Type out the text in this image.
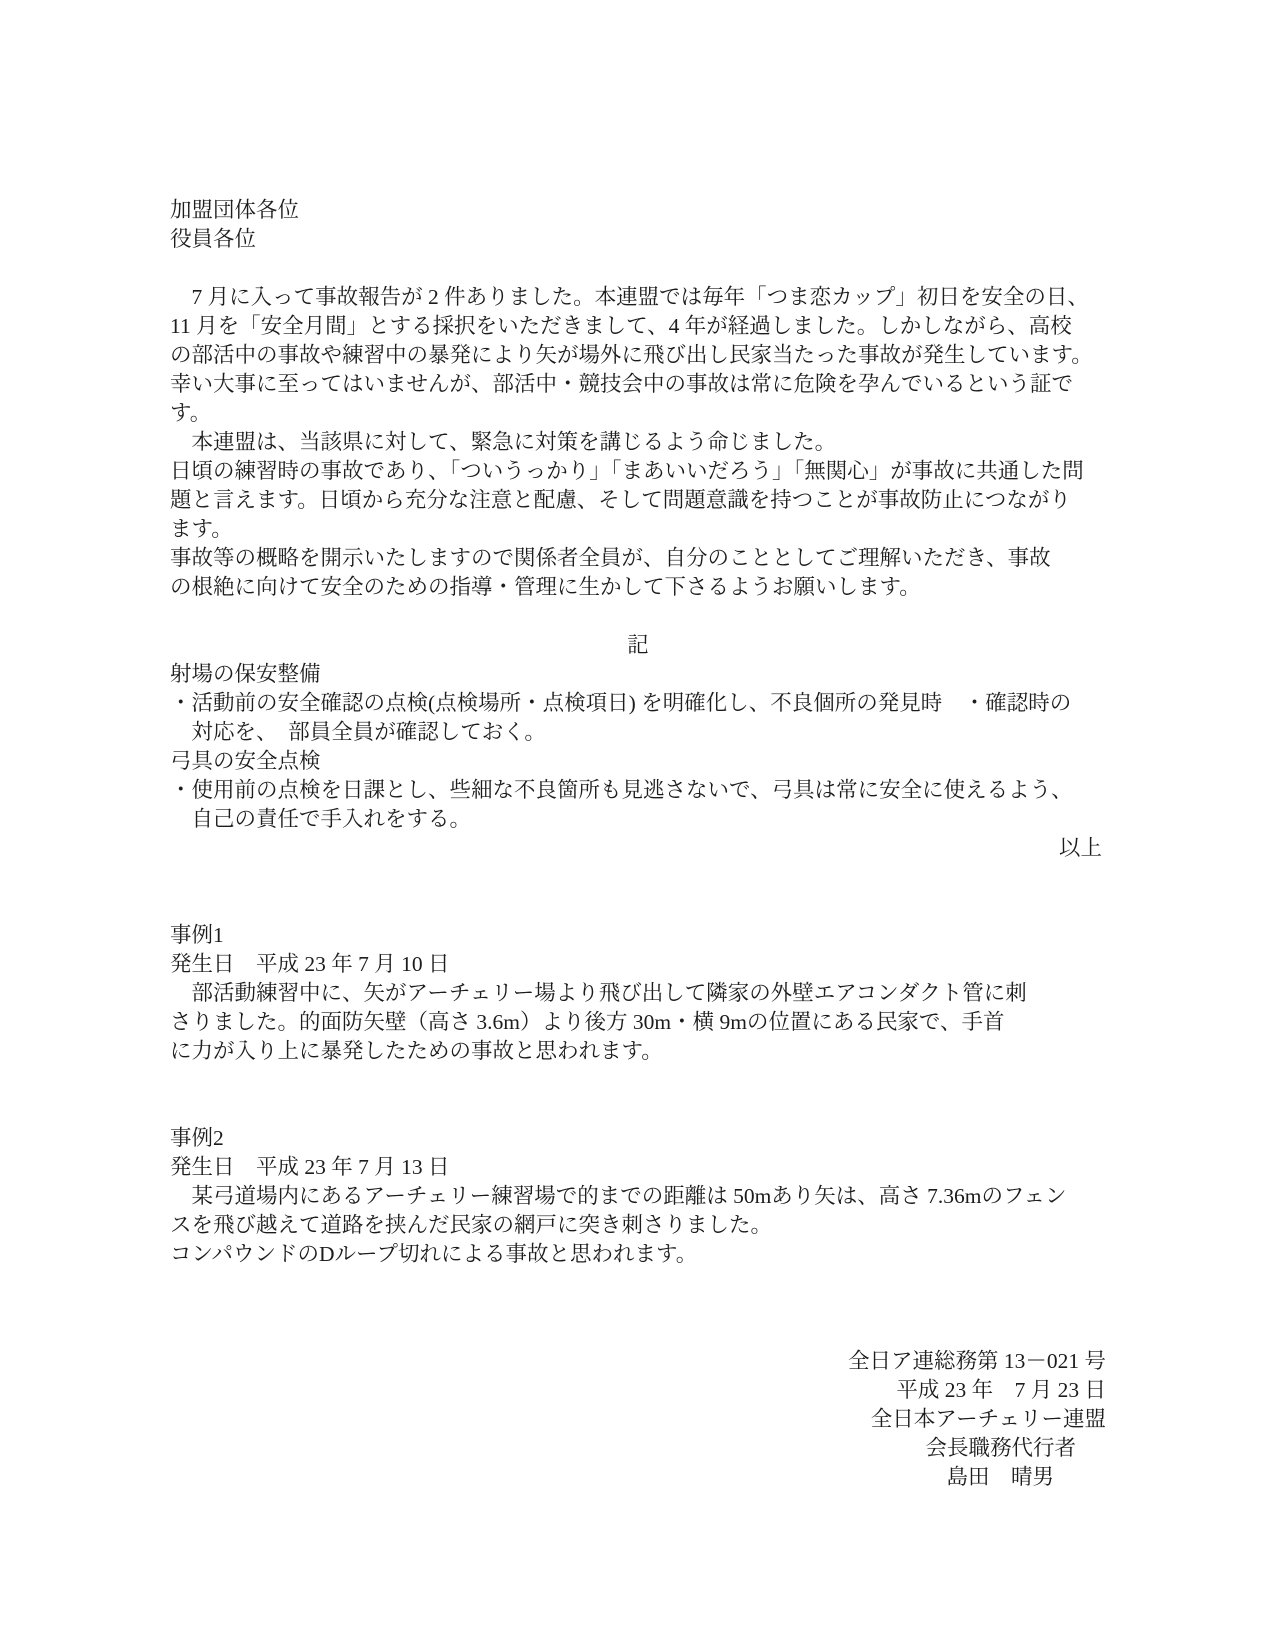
加盟団体各位

役員各位

　7 月に入って事故報告が 2 件ありました。本連盟では毎年「つま恋カップ」初日を安全の日、

11 月を「安全月間」とする採択をいただきまして、4 年が経過しました。しかしながら、高校

の部活中の事故や練習中の暴発により矢が場外に飛び出し民家当たった事故が発生しています。

幸い大事に至ってはいませんが、部活中・競技会中の事故は常に危険を孕んでいるという証で

す。

　本連盟は、当該県に対して、緊急に対策を講じるよう命じました。

日頃の練習時の事故であり、「ついうっかり」「まあいいだろう」「無関心」が事故に共通した問

題と言えます。日頃から充分な注意と配慮、そして問題意識を持つことが事故防止につながり

ます。

事故等の概略を開示いたしますので関係者全員が、自分のこととしてご理解いただき、事故

の根絶に向けて安全のための指導・管理に生かして下さるようお願いします。

記

射場の保安整備

・活動前の安全確認の点検(点検場所・点検項日) を明確化し、不良個所の発見時　・確認時の

　対応を、　部員全員が確認しておく。

弓具の安全点検

・使用前の点検を日課とし、些細な不良箇所も見逃さないで、弓具は常に安全に使えるよう、

　自己の責任で手入れをする。

以上

事例1

発生日　平成 23 年 7 月 10 日

　部活動練習中に、矢がアーチェリー場より飛び出して隣家の外壁エアコンダクト管に刺

さりました。的面防矢壁（高さ 3.6m）より後方 30m・横 9mの位置にある民家で、手首

に力が入り上に暴発したための事故と思われます。

事例2

発生日　平成 23 年 7 月 13 日

　某弓道場内にあるアーチェリー練習場で的までの距離は 50mあり矢は、高さ 7.36mのフェン

スを飛び越えて道路を挟んだ民家の網戸に突き刺さりました。

コンパウンドのDループ切れによる事故と思われます。

全日ア連総務第 13－021 号

平成 23 年　7 月 23 日

全日本アーチェリー連盟

会長職務代行者

島田　晴男
